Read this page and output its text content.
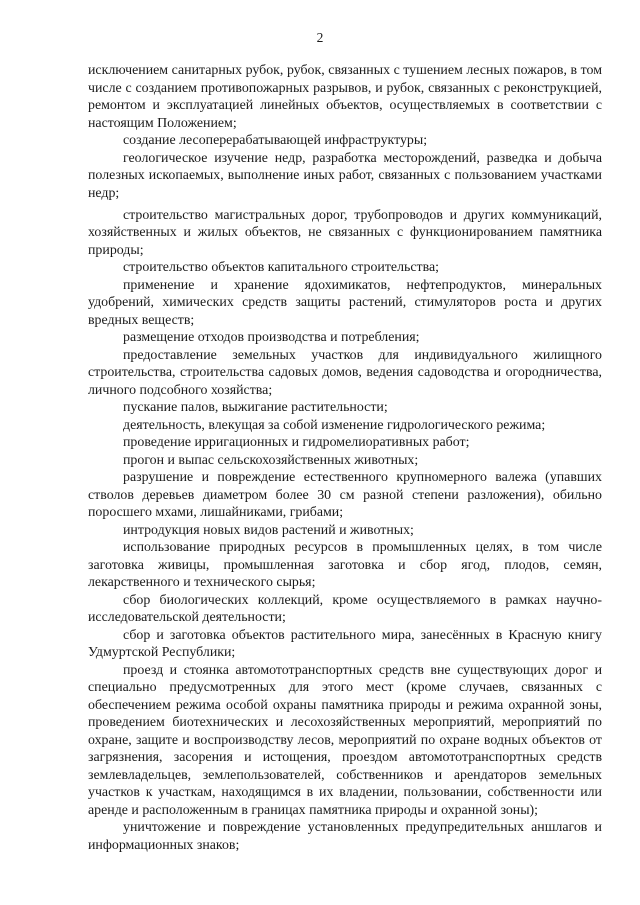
2

исключением санитарных рубок, рубок, связанных с тушением лесных пожаров, в том числе с созданием противопожарных разрывов, и рубок, связанных с реконструкцией, ремонтом и эксплуатацией линейных объектов, осуществляемых в соответствии с настоящим Положением;

создание лесоперерабатывающей инфраструктуры;

геологическое изучение недр, разработка месторождений, разведка и добыча полезных ископаемых, выполнение иных работ, связанных с пользованием участками недр;

строительство магистральных дорог, трубопроводов и других коммуникаций, хозяйственных и жилых объектов, не связанных с функционированием памятника природы;

строительство объектов капитального строительства;

применение и хранение ядохимикатов, нефтепродуктов, минеральных удобрений, химических средств защиты растений, стимуляторов роста и других вредных веществ;

размещение отходов производства и потребления;

предоставление земельных участков для индивидуального жилищного строительства, строительства садовых домов, ведения садоводства и огородничества, личного подсобного хозяйства;

пускание палов, выжигание растительности;

деятельность, влекущая за собой изменение гидрологического режима;

проведение ирригационных и гидромелиоративных работ;

прогон и выпас сельскохозяйственных животных;

разрушение и повреждение естественного крупномерного валежа (упавших стволов деревьев диаметром более 30 см разной степени разложения), обильно поросшего мхами, лишайниками, грибами;

интродукция новых видов растений и животных;

использование природных ресурсов в промышленных целях, в том числе заготовка живицы, промышленная заготовка и сбор ягод, плодов, семян, лекарственного и технического сырья;

сбор биологических коллекций, кроме осуществляемого в рамках научно-исследовательской деятельности;

сбор и заготовка объектов растительного мира, занесённых в Красную книгу Удмуртской Республики;

проезд и стоянка автомототранспортных средств вне существующих дорог и специально предусмотренных для этого мест (кроме случаев, связанных с обеспечением режима особой охраны памятника природы и режима охранной зоны, проведением биотехнических и лесохозяйственных мероприятий, мероприятий по охране, защите и воспроизводству лесов, мероприятий по охране водных объектов от загрязнения, засорения и истощения, проездом автомототранспортных средств землевладельцев, землепользователей, собственников и арендаторов земельных участков к участкам, находящимся в их владении, пользовании, собственности или аренде и расположенным в границах памятника природы и охранной зоны);

уничтожение и повреждение установленных предупредительных аншлагов и информационных знаков;
